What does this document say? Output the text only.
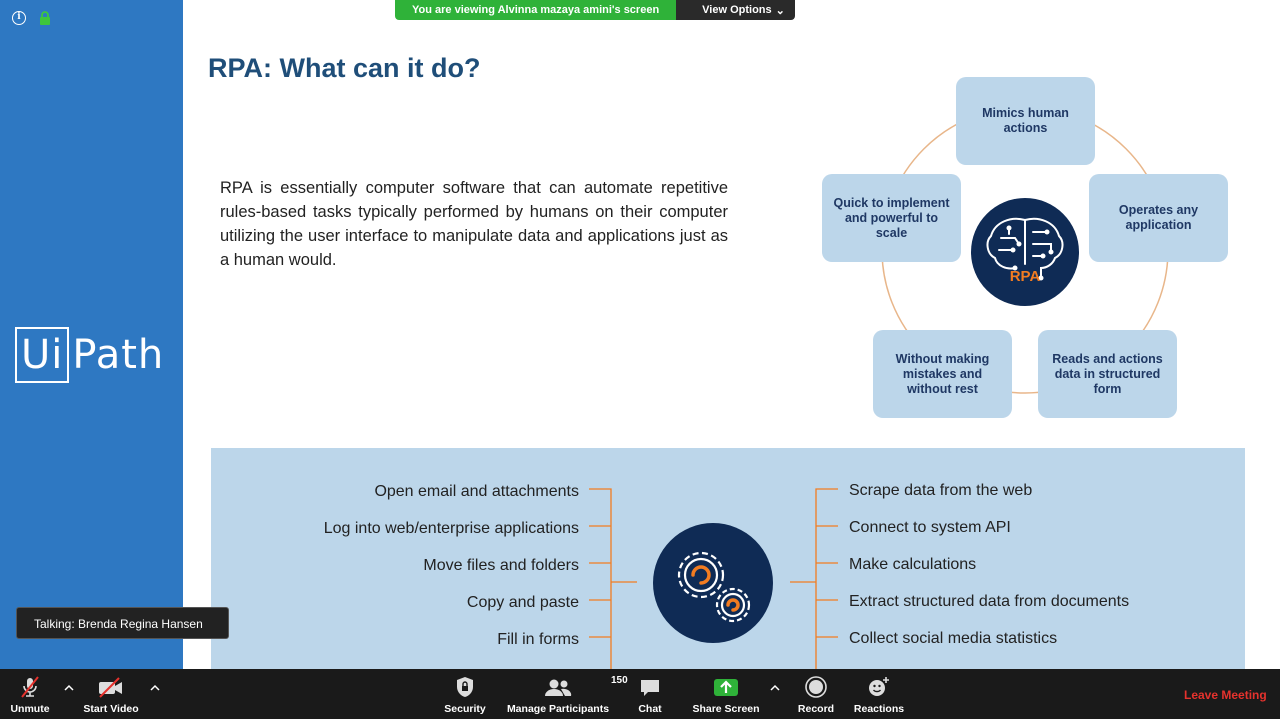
i
Ui Path
RPA: What can it do?
RPA is essentially computer software that can automate repetitive rules-based tasks typically performed by humans on their computer utilizing the user interface to manipulate data and applications just as a human would.
Mimics human actions
Operates any application
Reads and actions data in structured form
Without making mistakes and without rest
Quick to implement and powerful to scale
RPA
Open email and attachments
Log into web/enterprise applications
Move files and folders
Copy and paste
Fill in forms
Scrape data from the web
Connect to system API
Make calculations
Extract structured data from documents
Collect social media statistics
You are viewing Alvinna mazaya amini's screen	View Options ⌄
Talking: Brenda Regina Hansen
Unmute	Start Video	Security
150
Manage Participants	Chat	Share Screen	Record Reactions
Leave Meeting
